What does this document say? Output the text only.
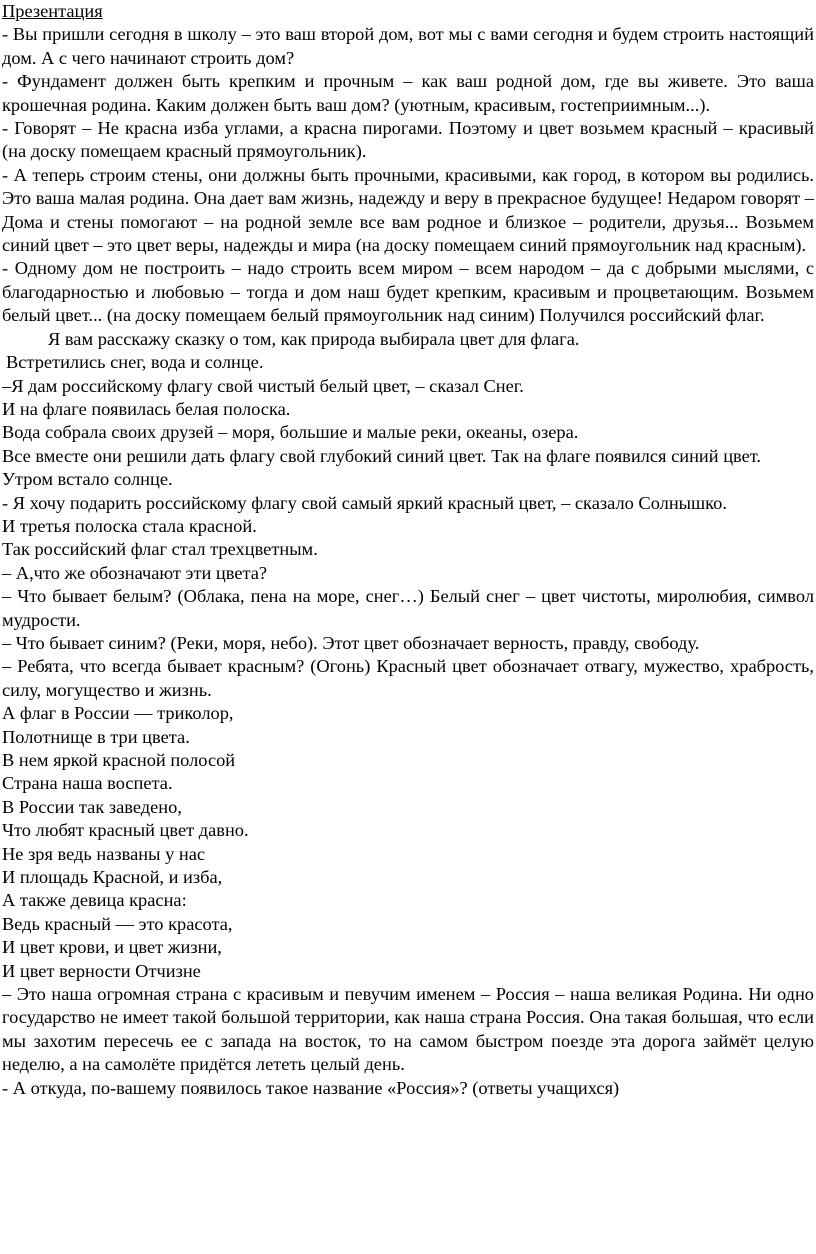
Презентация

- Вы пришли сегодня в школу – это ваш второй дом, вот мы с вами сегодня и будем строить настоящий дом. А с чего начинают строить дом?

- Фундамент должен быть крепким и прочным – как ваш родной дом, где вы живете. Это ваша крошечная родина. Каким должен быть ваш дом? (уютным, красивым, гостеприимным...).

- Говорят – Не красна изба углами, а красна пирогами. Поэтому и цвет возьмем красный – красивый (на доску помещаем красный прямоугольник).

- А теперь строим стены, они должны быть прочными, красивыми, как город, в котором вы родились. Это ваша малая родина. Она дает вам жизнь, надежду и веру в прекрасное будущее! Недаром говорят – Дома и стены помогают – на родной земле все вам родное и близкое – родители, друзья... Возьмем синий цвет – это цвет веры, надежды и мира (на доску помещаем синий прямоугольник над красным).

- Одному дом не построить – надо строить всем миром – всем народом – да с добрыми мыслями, с благодарностью и любовью – тогда и дом наш будет крепким, красивым и процветающим. Возьмем белый цвет... (на доску помещаем белый прямоугольник над синим) Получился российский флаг.

Я вам расскажу сказку о том, как природа выбирала цвет для флага.

Встретились снег, вода и солнце.

–Я дам российскому флагу свой чистый белый цвет, – сказал Снег.

И на флаге появилась белая полоска.

Вода собрала своих друзей – моря, большие и малые реки, океаны, озера.

Все вместе они решили дать флагу свой глубокий синий цвет. Так на флаге появился синий цвет.

Утром встало солнце.

- Я хочу подарить российскому флагу свой самый яркий красный цвет, – сказало Солнышко.

И третья полоска стала красной.

Так российский флаг стал трехцветным.

– А,что же обозначают эти цвета?

– Что бывает белым? (Облака, пена на море, снег…) Белый снег – цвет чистоты, миролюбия, символ мудрости.

– Что бывает синим? (Реки, моря, небо). Этот цвет обозначает верность, правду, свободу.

– Ребята, что всегда бывает красным? (Огонь) Красный цвет обозначает отвагу, мужество, храбрость, силу, могущество и жизнь.

А флаг в России — триколор,

Полотнище в три цвета.

В нем яркой красной полосой

Страна наша воспета.

В России так заведено,

Что любят красный цвет давно.

Не зря ведь названы у нас

И площадь Красной, и изба,

А также девица красна:

Ведь красный — это красота,

И цвет крови, и цвет жизни,

И цвет верности Отчизне

– Это наша огромная страна с красивым и певучим именем – Россия – наша великая Родина. Ни одно государство не имеет такой большой территории, как наша страна Россия. Она такая большая, что если мы захотим пересечь ее с запада на восток, то на самом быстром поезде эта дорога займёт целую неделю, а на самолёте придётся лететь целый день.

- А откуда, по-вашему появилось такое название «Россия»? (ответы учащихся)
